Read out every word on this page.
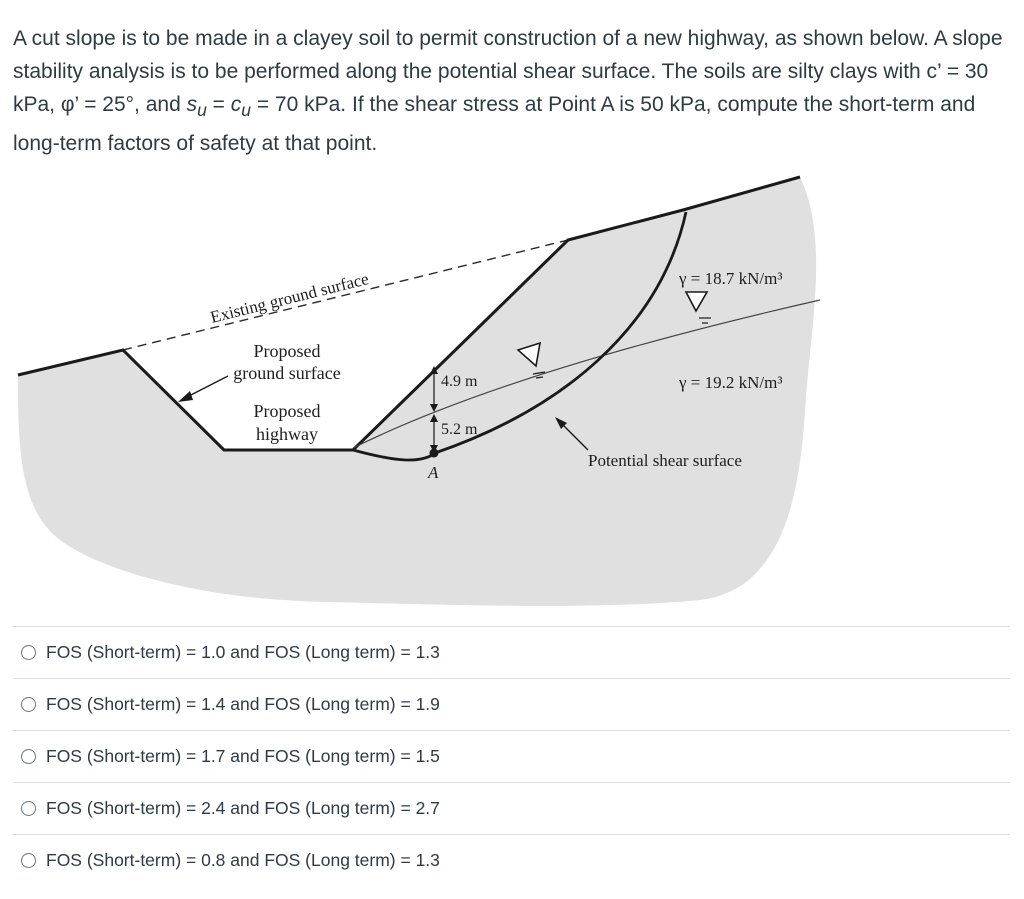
A cut slope is to be made in a clayey soil to permit construction of a new highway, as shown below. A slope stability analysis is to be performed along the potential shear surface. The soils are silty clays with c’ = 30 kPa, φ’ = 25°, and $s_u = c_u = 70$ kPa. If the shear stress at Point A is 50 kPa, compute the short-term and long-term factors of safety at that point.
Existing ground surface
Proposed
ground surface
Proposed
highway
4.9 m
5.2 m
A
γ = 18.7 kN/m³
γ = 19.2 kN/m³
Potential shear surface
FOS (Short-term) = 1.0 and FOS (Long term) = 1.3
FOS (Short-term) = 1.4 and FOS (Long term) = 1.9
FOS (Short-term) = 1.7 and FOS (Long term) = 1.5
FOS (Short-term) = 2.4 and FOS (Long term) = 2.7
FOS (Short-term) = 0.8 and FOS (Long term) = 1.3
